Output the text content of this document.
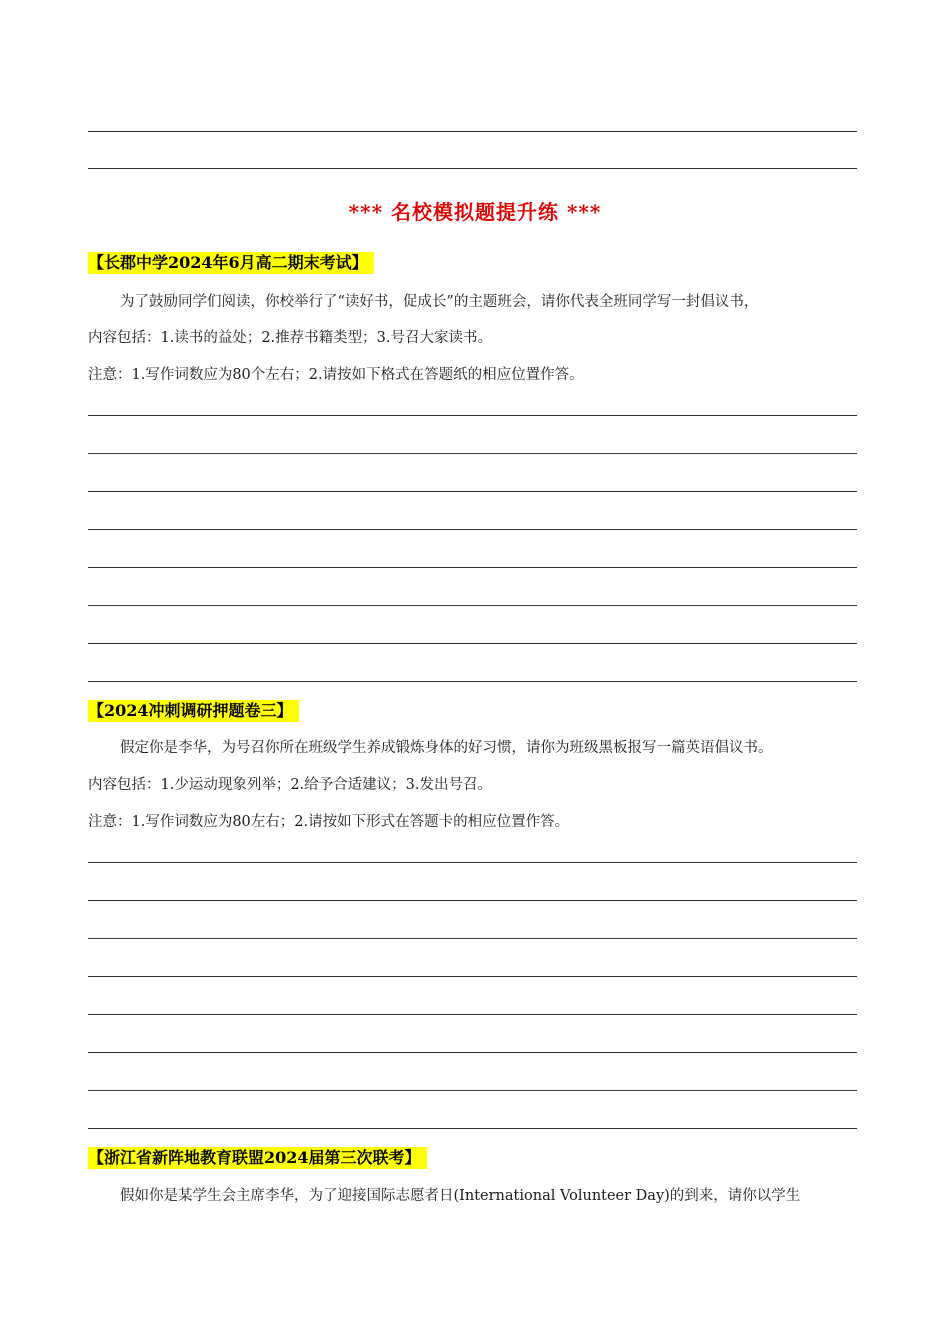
*** 名校模拟题提升练 ***
【长郡中学2024年6月高二期末考试】
为了鼓励同学们阅读，你校举行了“读好书，促成长”的主题班会，请你代表全班同学写一封倡议书，
内容包括：1.读书的益处；2.推荐书籍类型；3.号召大家读书。
注意：1.写作词数应为80个左右；2.请按如下格式在答题纸的相应位置作答。
【2024冲刺调研押题卷三】
假定你是李华，为号召你所在班级学生养成锻炼身体的好习惯，请你为班级黑板报写一篇英语倡议书。
内容包括：1.少运动现象列举；2.给予合适建议；3.发出号召。
注意：1.写作词数应为80左右；2.请按如下形式在答题卡的相应位置作答。
【浙江省新阵地教育联盟2024届第三次联考】
假如你是某学生会主席李华，为了迎接国际志愿者日(International Volunteer Day)的到来，请你以学生
